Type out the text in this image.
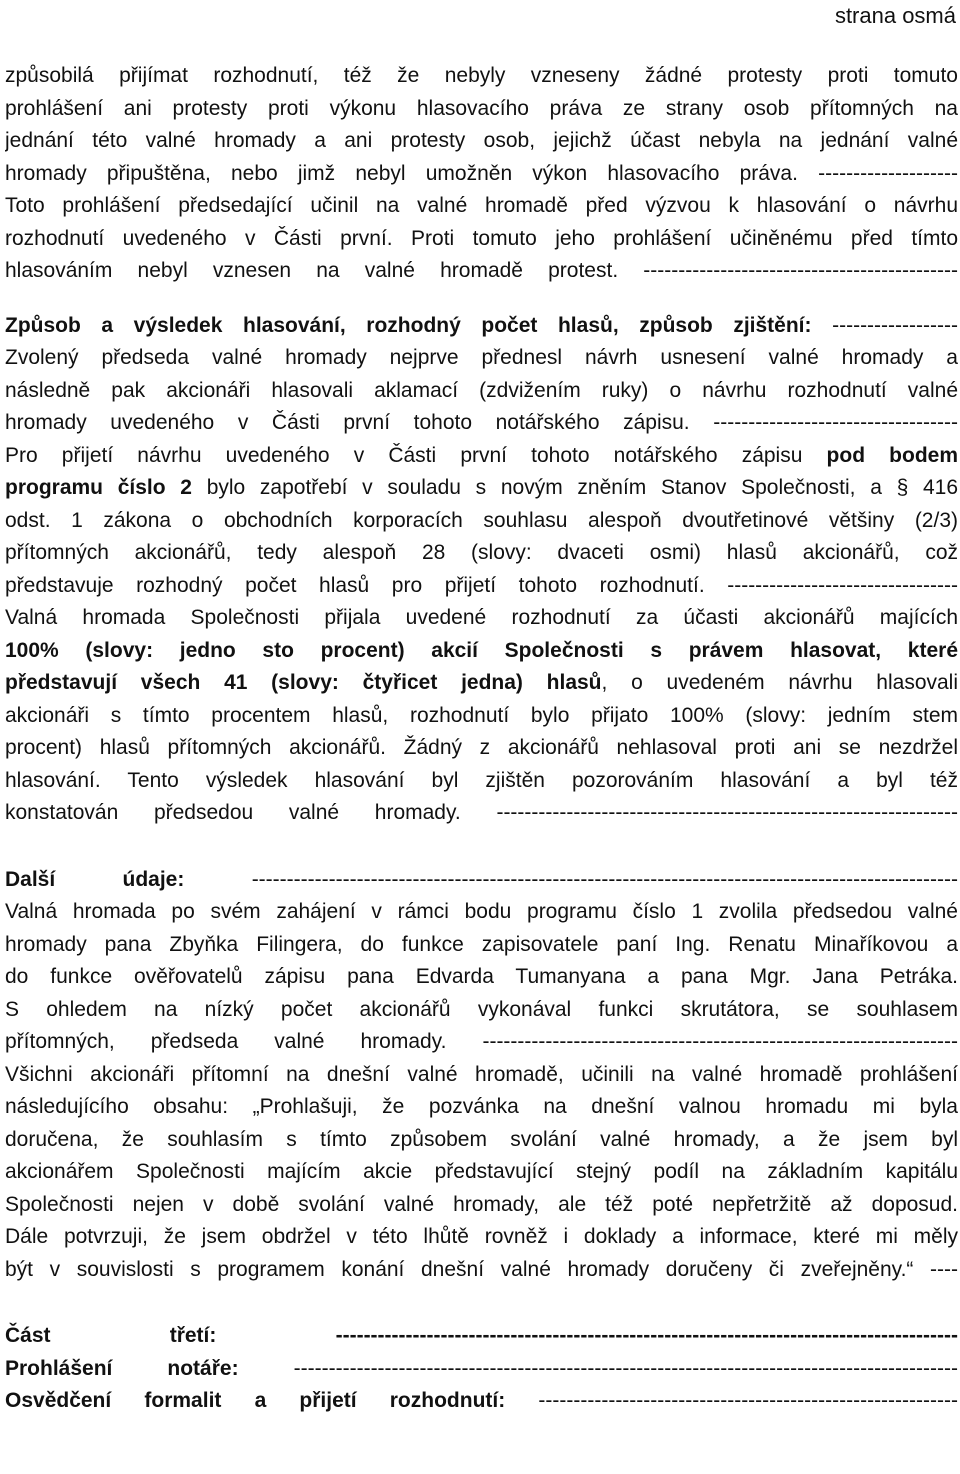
strana osmá
způsobilá přijímat rozhodnutí, též že nebyly vzneseny žádné protesty proti tomuto
prohlášení ani protesty proti výkonu hlasovacího práva ze strany osob přítomných na
jednání této valné hromady a ani protesty osob, jejichž účast nebyla na jednání valné
hromady připuštěna, nebo jimž nebyl umožněn výkon hlasovacího práva. --------------------
Toto prohlášení předsedající učinil na valné hromadě před výzvou k hlasování o návrhu
rozhodnutí uvedeného v Části první. Proti tomuto jeho prohlášení učiněnému před tímto
hlasováním nebyl vznesen na valné hromadě protest. ---------------------------------------------
Způsob a výsledek hlasování, rozhodný počet hlasů, způsob zjištění: ------------------
Zvolený předseda valné hromady nejprve přednesl návrh usnesení valné hromady a
následně pak akcionáři hlasovali aklamací (zdvižením ruky) o návrhu rozhodnutí valné
hromady uvedeného v Části první tohoto notářského zápisu. -----------------------------------
Pro přijetí návrhu uvedeného v Části první tohoto notářského zápisu pod bodem
programu číslo 2 bylo zapotřebí v souladu s novým zněním Stanov Společnosti, a § 416
odst. 1 zákona o obchodních korporacích souhlasu alespoň dvoutřetinové většiny (2/3)
přítomných akcionářů, tedy alespoň 28 (slovy: dvaceti osmi) hlasů akcionářů, což
představuje rozhodný počet hlasů pro přijetí tohoto rozhodnutí. ---------------------------------
Valná hromada Společnosti přijala uvedené rozhodnutí za účasti akcionářů majících
100% (slovy: jedno sto procent) akcií Společnosti s právem hlasovat, které
představují všech 41 (slovy: čtyřicet jedna) hlasů, o uvedeném návrhu hlasovali
akcionáři s tímto procentem hlasů, rozhodnutí bylo přijato 100% (slovy: jedním stem
procent) hlasů přítomných akcionářů. Žádný z akcionářů nehlasoval proti ani se nezdržel
hlasování. Tento výsledek hlasování byl zjištěn pozorováním hlasování a byl též
konstatován předsedou valné hromady. ------------------------------------------------------------------
Další údaje:	-----------------------------------------------------------------------------------------------------
Valná hromada po svém zahájení v rámci bodu programu číslo 1 zvolila předsedou valné
hromady pana Zbyňka Filingera, do funkce zapisovatele paní Ing. Renatu Minaříkovou a
do funkce ověřovatelů zápisu pana Edvarda Tumanyana a pana Mgr. Jana Petráka.
S ohledem na nízký počet akcionářů vykonával funkci skrutátora, se souhlasem
přítomných, předseda valné hromady. --------------------------------------------------------------------
Všichni akcionáři přítomní na dnešní valné hromadě, učinili na valné hromadě prohlášení
následujícího obsahu: „Prohlašuji, že pozvánka na dnešní valnou hromadu mi byla
doručena, že souhlasím s tímto způsobem svolání valné hromady, a že jsem byl
akcionářem Společnosti majícím akcie představující stejný podíl na základním kapitálu
Společnosti nejen v době svolání valné hromady, ale též poté nepřetržitě až doposud.
Dále potvrzuji, že jsem obdržel v této lhůtě rovněž i doklady a informace, které mi měly
být v souvislosti s programem konání dnešní valné hromady doručeny či zveřejněny.“ ----
Část třetí:	-----------------------------------------------------------------------------------------
Prohlášení notáře:	-----------------------------------------------------------------------------------------------
Osvědčení formalit a přijetí rozhodnutí: ------------------------------------------------------------
